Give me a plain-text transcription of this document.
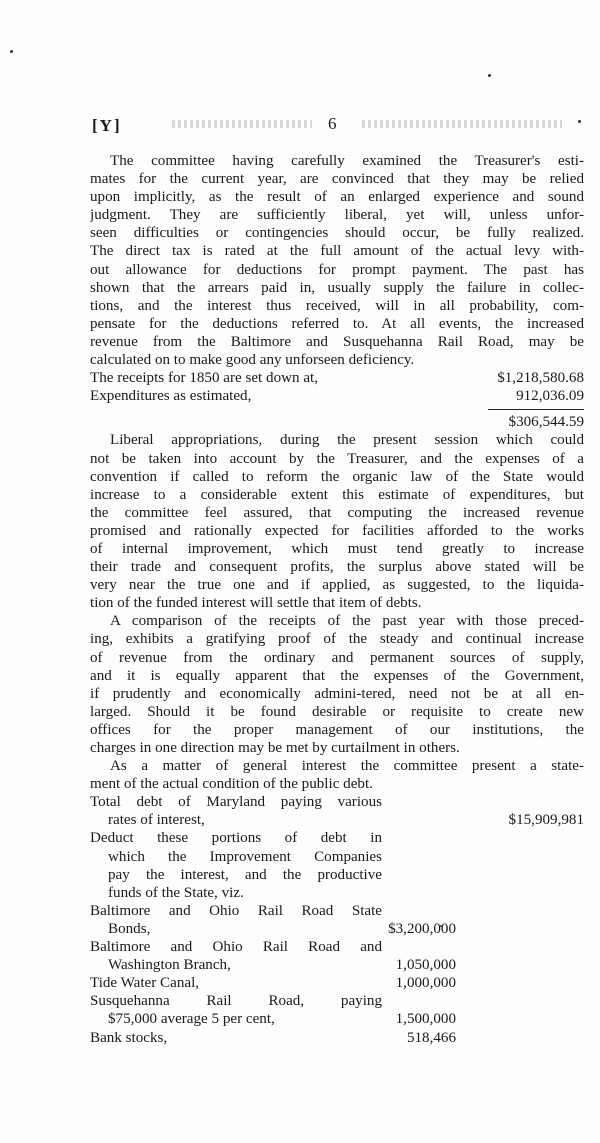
[Y]	6
The committee having carefully examined the Treasurer's esti-
mates for the current year, are convinced that they may be relied
upon implicitly, as the result of an enlarged experience and sound
judgment. They are sufficiently liberal, yet will, unless unfor-
seen difficulties or contingencies should occur, be fully realized.
The direct tax is rated at the full amount of the actual levy with-
out allowance for deductions for prompt payment. The past has
shown that the arrears paid in, usually supply the failure in collec-
tions, and the interest thus received, will in all probability, com-
pensate for the deductions referred to. At all events, the increased
revenue from the Baltimore and Susquehanna Rail Road, may be
calculated on to make good any unforseen deficiency.
The receipts for 1850 are set down at,	$1,218,580.68
Expenditures as estimated,	912,036.09
$306,544.59
Liberal appropriations, during the present session which could
not be taken into account by the Treasurer, and the expenses of a
convention if called to reform the organic law of the State would
increase to a considerable extent this estimate of expenditures, but
the committee feel assured, that computing the increased revenue
promised and rationally expected for facilities afforded to the works
of internal improvement, which must tend greatly to increase
their trade and consequent profits, the surplus above stated will be
very near the true one and if applied, as suggested, to the liquida-
tion of the funded interest will settle that item of debts.
A comparison of the receipts of the past year with those preced-
ing, exhibits a gratifying proof of the steady and continual increase
of revenue from the ordinary and permanent sources of supply,
and it is equally apparent that the expenses of the Government,
if prudently and economically admini-tered, need not be at all en-
larged. Should it be found desirable or requisite to create new
offices for the proper management of our institutions, the
charges in one direction may be met by curtailment in others.
As a matter of general interest the committee present a state-
ment of the actual condition of the public debt.
Total debt of Maryland paying various
rates of interest,	$15,909,981
Deduct these portions of debt in
which the Improvement Companies
pay the interest, and the productive
funds of the State, viz.
Baltimore and Ohio Rail Road State
Bonds,	$3,200,000
Baltimore and Ohio Rail Road and
Washington Branch,	1,050,000
Tide Water Canal,	1,000,000
Susquehanna Rail Road, paying
$75,000 average 5 per cent,	1,500,000
Bank stocks,	518,466
